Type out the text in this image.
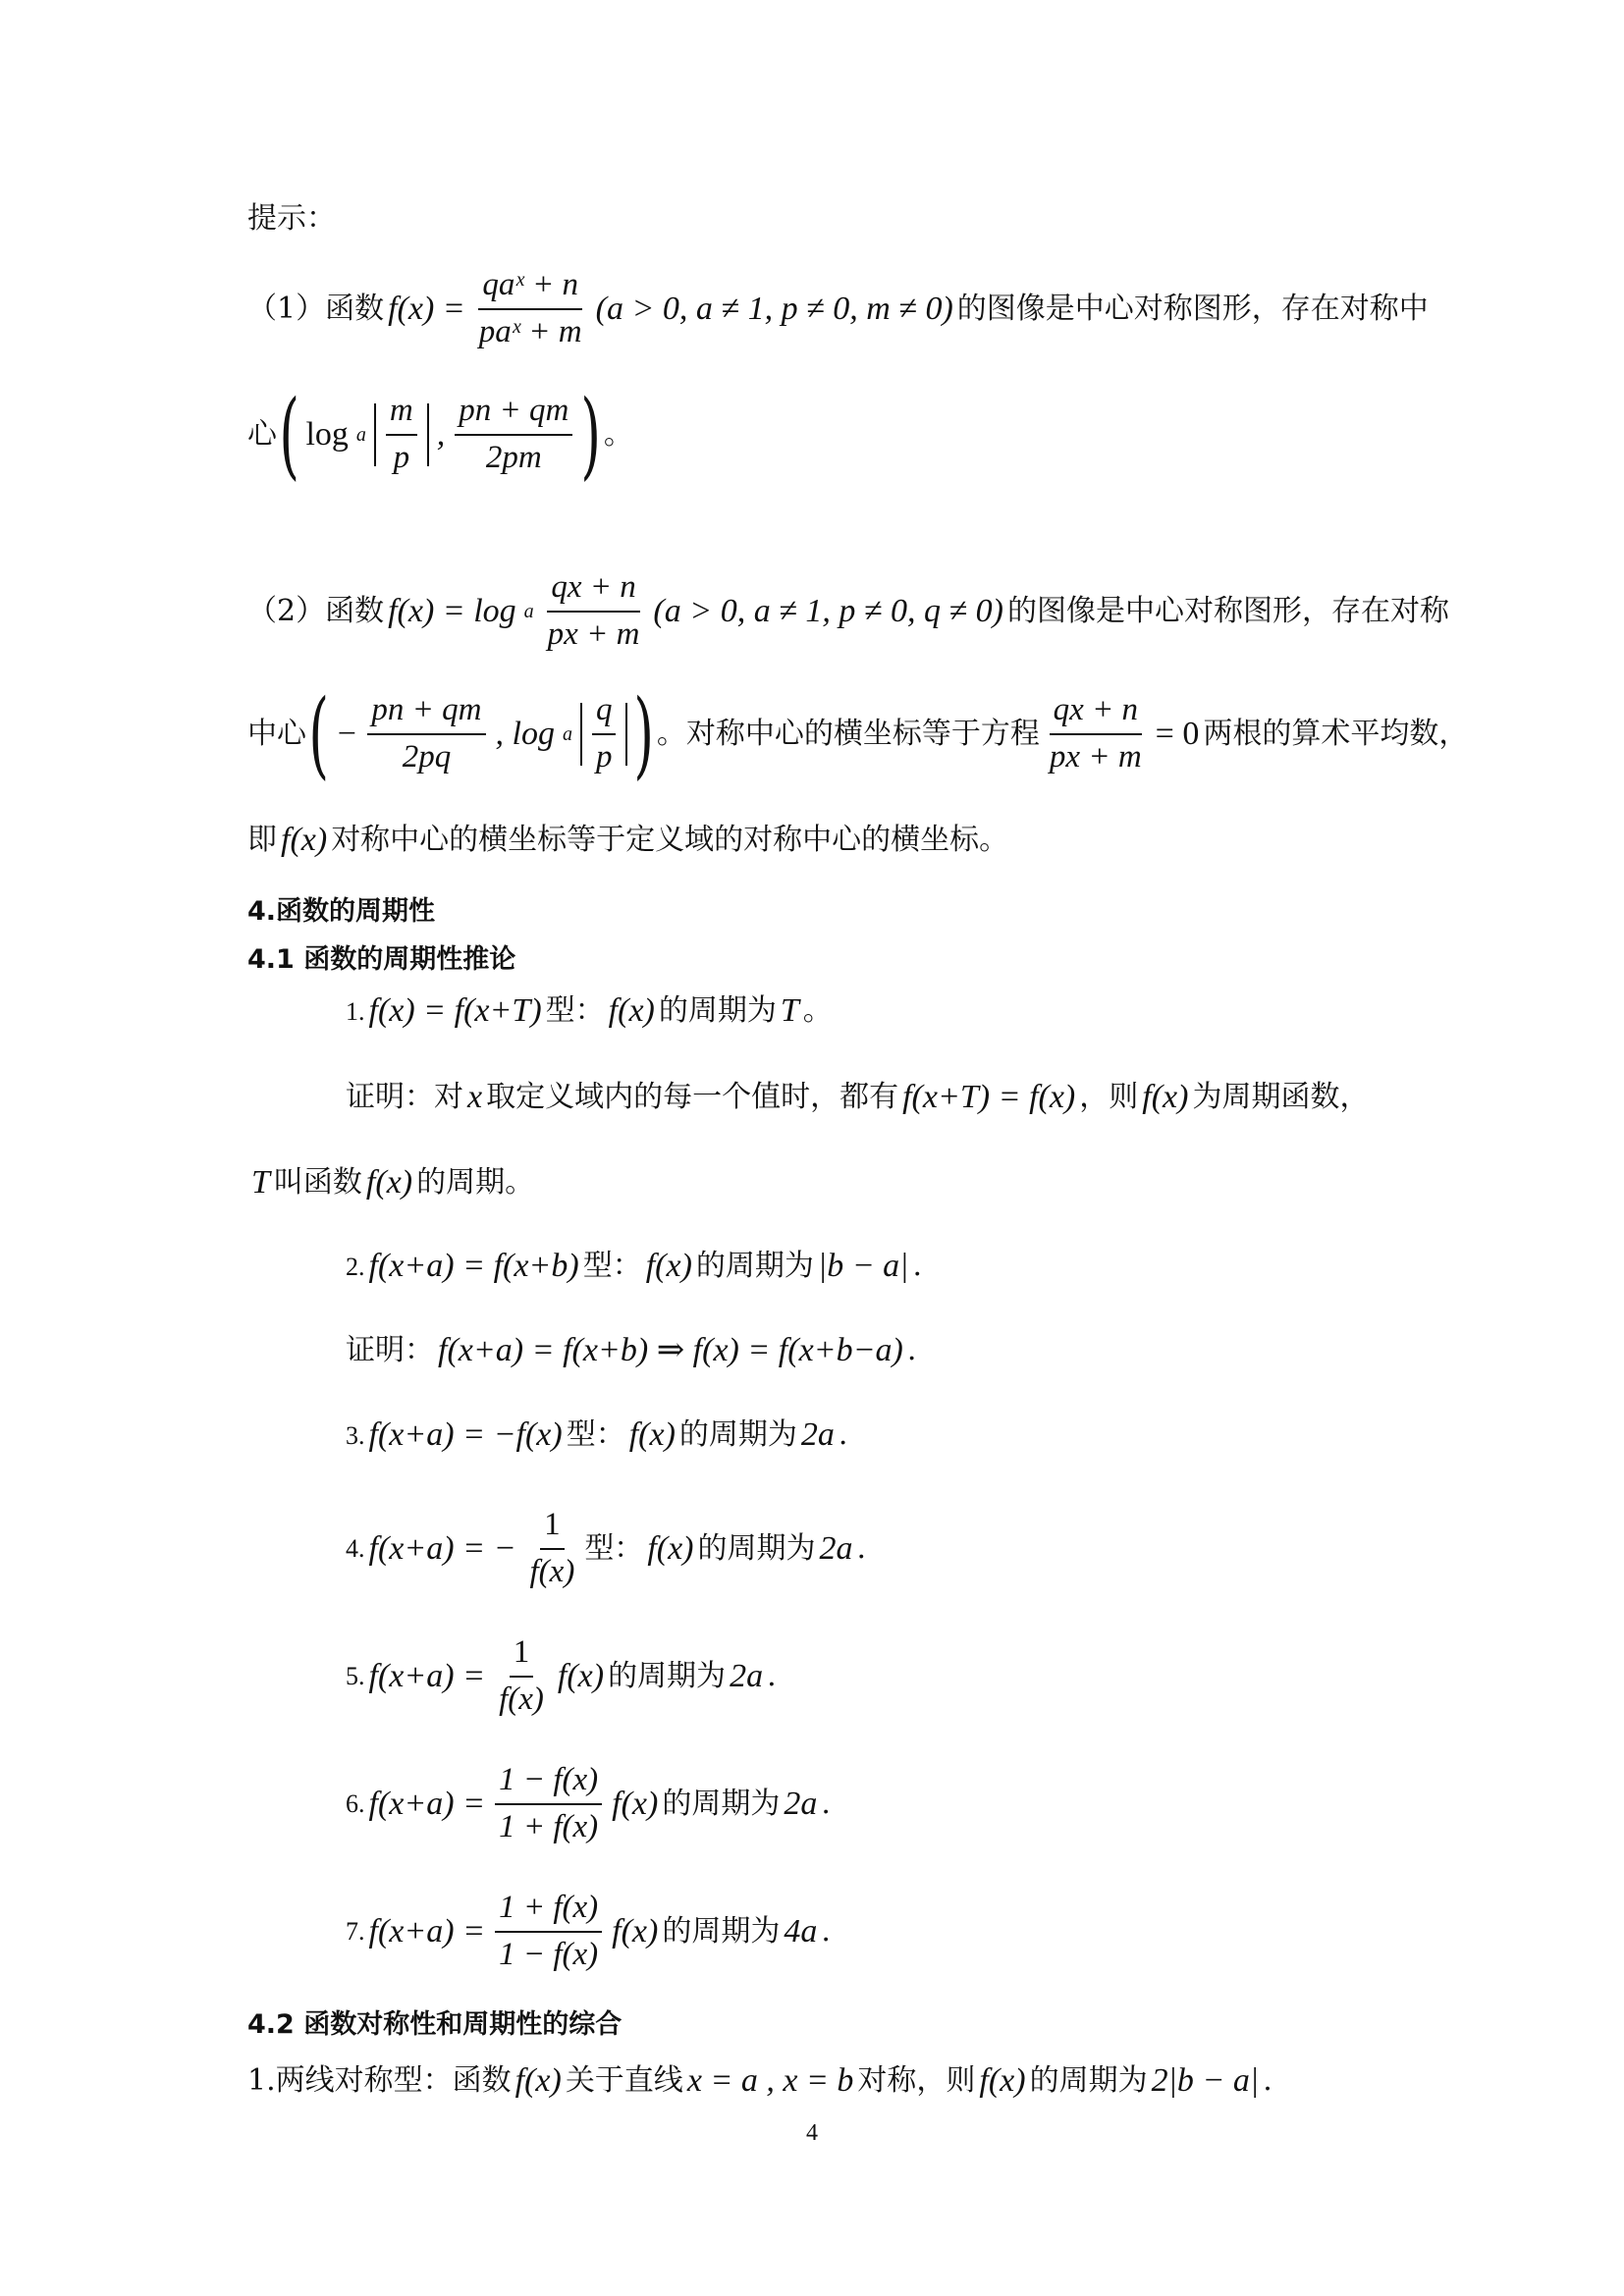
提示：
（1）函数 $f(x) = \frac{\text{qaˣ + n}}{\text{paˣ + m}} (a > 0$, a ≠ 1, p ≠ 0, m ≠ 0) 的图像是中心对称图形，存在对称中
心 ( log a $\frac{m}{p}$ , $\frac{pn + qm}{2pm}$ ) 。
（2）函数 f(x) = log a $\frac{qx + n}{px + m} (a > 0$, a ≠ 1, p ≠ 0, q ≠ 0) 的图像是中心对称图形，存在对称
中心 ( − $\frac{pn + qm}{2pq}$ , log a $\frac{q}{p}$ ) 。对称中心的横坐标等于方程 $\frac{qx + n}{px + m} = 0$ 两根的算术平均数，
即 f(x) 对称中心的横坐标等于定义域的对称中心的横坐标。
4.函数的周期性
4.1 函数的周期性推论
1. f(x) = f(x+T) 型： f(x) 的周期为 T 。
证明：对 x 取定义域内的每一个值时，都有 f(x+T) = f(x) ，则 f(x) 为周期函数，
T 叫函数 f(x) 的周期。
2. f(x+a) = f(x+b) 型： f(x) 的周期为 |b − a| .
证明： f(x+a) = f(x+b) ⇒ f(x) = f(x+b−a) .
3. f(x+a) = −f(x) 型： f(x) 的周期为 2a .
4. f(x+a) = − $\frac{1}{f(x)}$ 型： f(x) 的周期为 2a .
5. $f(x+a) = \frac{1}{f(x)} f(x)$ 的周期为 2a .
6. $f(x+a) = \frac{1 - f(x)}{1 + f(x)} f(x)$ 的周期为 2a .
7. $f(x+a) = \frac{1 + f(x)}{1 - f(x)} f(x)$ 的周期为 4a .
4.2 函数对称性和周期性的综合
1.两线对称型：函数 f(x) 关于直线 x = a , x = b 对称，则 f(x) 的周期为 2|b − a| .
4
